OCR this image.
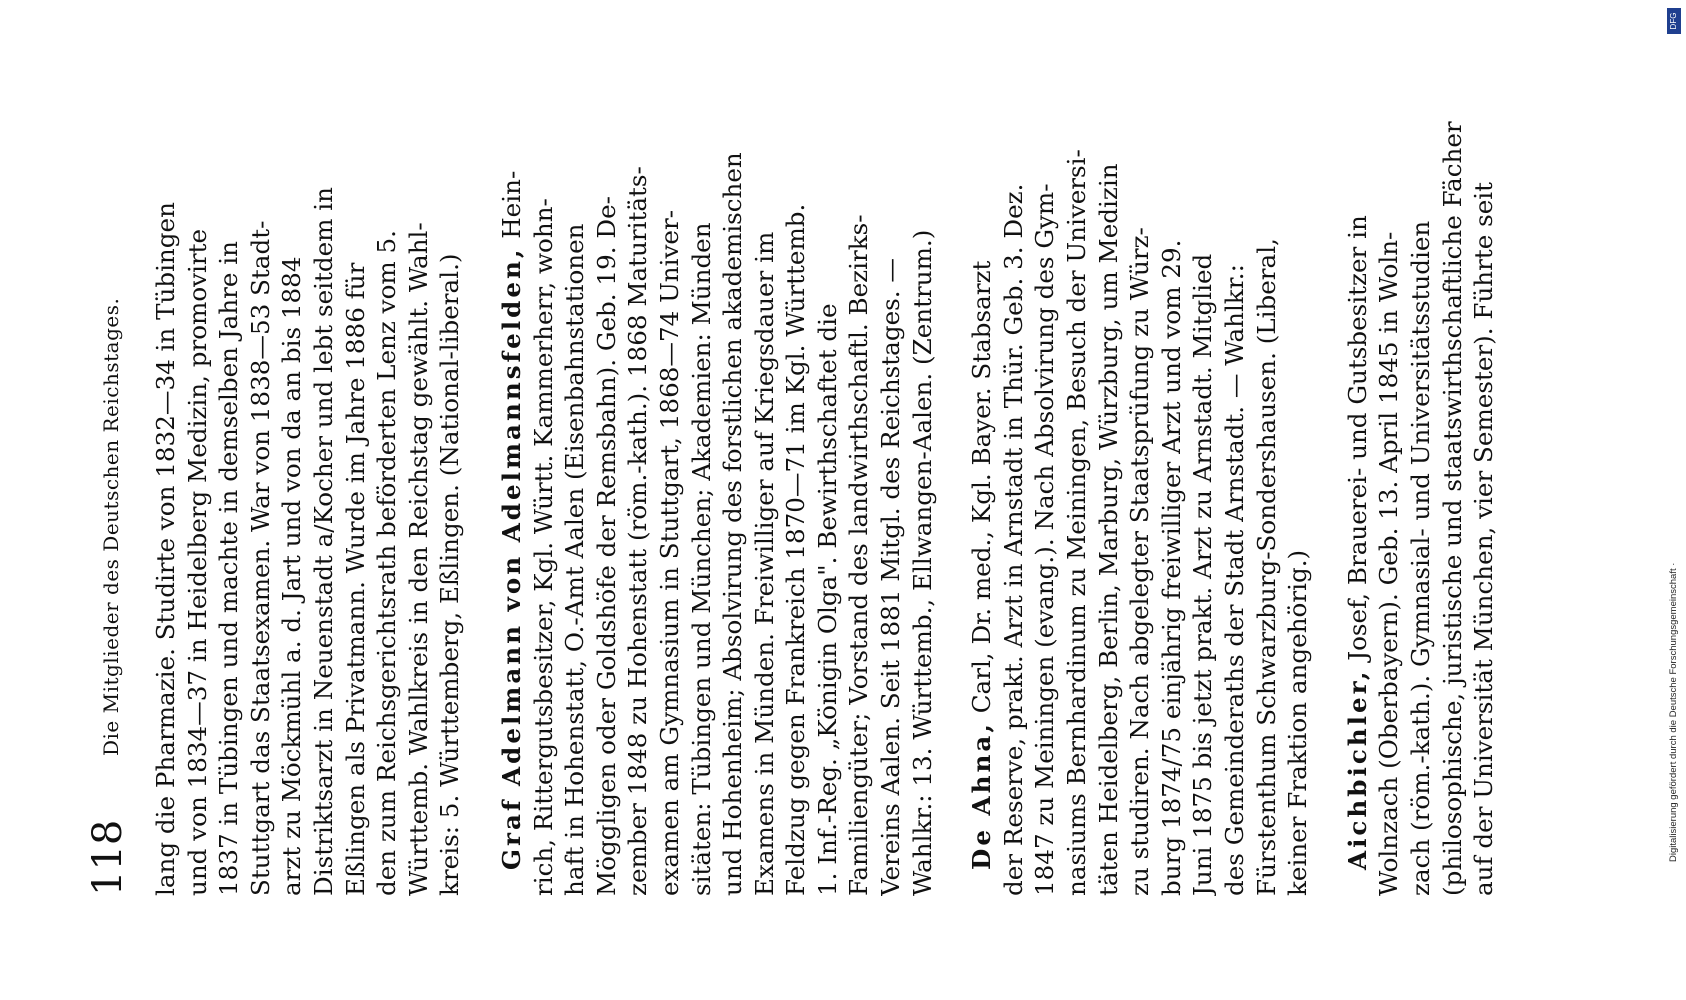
118
Die Mitglieder des Deutschen Reichstages. lang die Pharmazie. Studirte von 1832—34 in Tübingen und von 1834—37 in Heidelberg Medizin, promovirte 1837 in Tübingen und machte in demselben Jahre in Stuttgart das Staatsexamen. War von 1838—53 Stadt- arzt zu Möckmühl a. d. Jart und von da an bis 1884 Distriktsarzt in Neuenstadt a/Kocher und lebt seitdem in Eßlingen als Privatmann. Wurde im Jahre 1886 für den zum Reichsgerichtsrath beförderten Lenz vom 5. Württemb. Wahlkreis in den Reichstag gewählt. Wahl- kreis: 5. Württemberg, Eßlingen. (National-liberal.) Graf Adelmann von Adelmannsfelden, Hein- rich, Rittergutsbesitzer, Kgl. Württ. Kammerherr, wohn- haft in Hohenstatt, O.-Amt Aalen (Eisenbahnstationen Möggligen oder Goldshöfe der Remsbahn). Geb. 19. De- zember 1848 zu Hohenstatt (röm.-kath.). 1868 Maturitäts- examen am Gymnasium in Stuttgart, 1868—74 Univer- sitäten: Tübingen und München; Akademien: Münden und Hohenheim; Absolvirung des forstlichen akademischen Examens in Münden. Freiwilliger auf Kriegsdauer im Feldzug gegen Frankreich 1870—71 im Kgl. Württemb. 1. Inf.-Reg. „Königin Olga". Bewirthschaftet die Familiengüter; Vorstand des landwirthschaftl. Bezirks- Vereins Aalen. Seit 1881 Mitgl. des Reichstages. — Wahlkr.: 13. Württemb., Ellwangen-Aalen. (Zentrum.) De Ahna, Carl, Dr. med., Kgl. Bayer. Stabsarzt der Reserve, prakt. Arzt in Arnstadt in Thür. Geb. 3. Dez. 1847 zu Meiningen (evang.). Nach Absolvirung des Gym- nasiums Bernhardinum zu Meiningen, Besuch der Universi- täten Heidelberg, Berlin, Marburg, Würzburg, um Medizin zu studiren. Nach abgelegter Staatsprüfung zu Würz- burg 1874/75 einjährig freiwilliger Arzt und vom 29. Juni 1875 bis jetzt prakt. Arzt zu Arnstadt. Mitglied des Gemeinderaths der Stadt Arnstadt. — Wahlkr.: Fürstenthum Schwarzburg-Sondershausen. (Liberal, keiner Fraktion angehörig.) Aichbichler, Josef, Brauerei- und Gutsbesitzer in Wolnzach (Oberbayern). Geb. 13. April 1845 in Woln- zach (röm.-kath.). Gymnasial- und Universitätsstudien (philosophische, juristische und staatswirthschaftliche Fächer auf der Universität München, vier Semester). Führte seit
DFG
Digitalisierung gefördert durch die Deutsche Forschungsgemeinschaft ·
